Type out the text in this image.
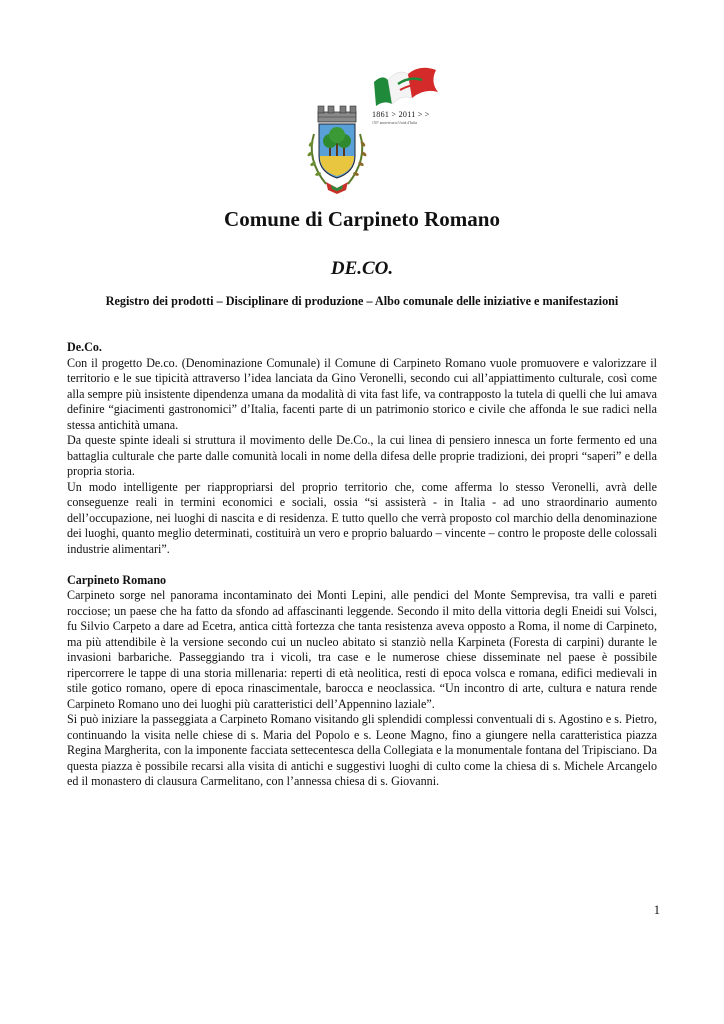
1861 > 2011 > >
150° anniversario Unità d'Italia
Comune di Carpineto Romano
DE.CO.

Registro dei prodotti – Disciplinare di produzione – Albo comunale delle iniziative e manifestazioni

De.Co.

Con il progetto De.co. (Denominazione Comunale) il Comune di Carpineto Romano vuole promuovere e valorizzare il territorio e le sue tipicità attraverso l’idea lanciata da Gino Veronelli, secondo cui all’appiattimento culturale, così come alla sempre più insistente dipendenza umana da modalità di vita fast life, va contrapposto la tutela di quelli che lui amava definire “giacimenti gastronomici” d’Italia, facenti parte di un patrimonio storico e civile che affonda le sue radici nella stessa antichità umana.

Da queste spinte ideali si struttura il movimento delle De.Co., la cui linea di pensiero innesca un forte fermento ed una battaglia culturale che parte dalle comunità locali in nome della difesa delle proprie tradizioni, dei propri “saperi” e della propria storia.

Un modo intelligente per riappropriarsi del proprio territorio che, come afferma lo stesso Veronelli, avrà delle conseguenze reali in termini economici e sociali, ossia “si assisterà - in Italia - ad uno straordinario aumento dell’occupazione, nei luoghi di nascita e di residenza. E tutto quello che verrà proposto col marchio della denominazione dei luoghi, quanto meglio determinati, costituirà un vero e proprio baluardo – vincente – contro le proposte delle colossali industrie alimentari”.

Carpineto Romano

Carpineto sorge nel panorama incontaminato dei Monti Lepini, alle pendici del Monte Semprevisa, tra valli e pareti rocciose; un paese che ha fatto da sfondo ad affascinanti leggende. Secondo il mito della vittoria degli Eneidi sui Volsci, fu Silvio Carpeto a dare ad Ecetra, antica città fortezza che tanta resistenza aveva opposto a Roma, il nome di Carpineto, ma più attendibile è la versione secondo cui un nucleo abitato si stanziò nella Karpineta (Foresta di carpini) durante le invasioni barbariche. Passeggiando tra i vicoli, tra case e le numerose chiese disseminate nel paese è possibile ripercorrere le tappe di una storia millenaria: reperti di età neolitica, resti di epoca volsca e romana, edifici medievali in stile gotico romano, opere di epoca rinascimentale, barocca e neoclassica. “Un incontro di arte, cultura e natura rende Carpineto Romano uno dei luoghi più caratteristici dell’Appennino laziale”.

Si può iniziare la passeggiata a Carpineto Romano visitando gli splendidi complessi conventuali di s. Agostino e s. Pietro, continuando la visita nelle chiese di s. Maria del Popolo e s. Leone Magno, fino a giungere nella caratteristica piazza Regina Margherita, con la imponente facciata settecentesca della Collegiata e la monumentale fontana del Tripisciano. Da questa piazza è possibile recarsi alla visita di antichi e suggestivi luoghi di culto come la chiesa di s. Michele Arcangelo ed il monastero di clausura Carmelitano, con l’annessa chiesa di s. Giovanni.

1
